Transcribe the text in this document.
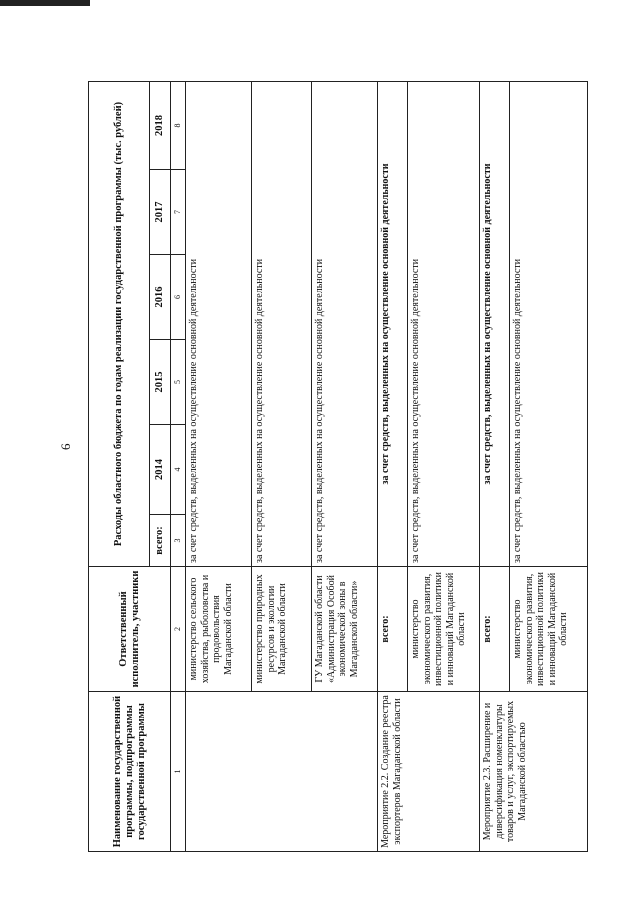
6
Наименование государственной программы, подпрограммы государственной программы	Ответственный исполнитель, участники	Расходы областного бюджета по годам реализации государственной программы (тыс. рублей)					
		всего:	2014	2015	2016	2017	2018
1	2	3	4	5	6	7	8
	министерство сельского хозяйства, рыболовства и продовольствия Магаданской области	за счет средств, выделенных на осуществление основной деятельности					
	министерство природных ресурсов и экологии Магаданской области	за счет средств, выделенных на осуществление основной деятельности					
	ГУ Магаданской области «Администрация Особой экономической зоны в Магаданской области»	за счет средств, выделенных на осуществление основной деятельности					
Мероприятие 2.2. Создание реестра экспортеров Магаданской области	всего:	за счет средств, выделенных на осуществление основной деятельности					
	министерство экономического развития, инвестиционной политики и инноваций Магаданской области	за счет средств, выделенных на осуществление основной деятельности					
Мероприятие 2.3. Расширение и диверсификация номенклатуры товаров и услуг, экспортируемых Магаданской областью	всего:	за счет средств, выделенных на осуществление основной деятельности					
	министерство экономического развития, инвестиционной политики и инноваций Магаданской области	за счет средств, выделенных на осуществление основной деятельности					
